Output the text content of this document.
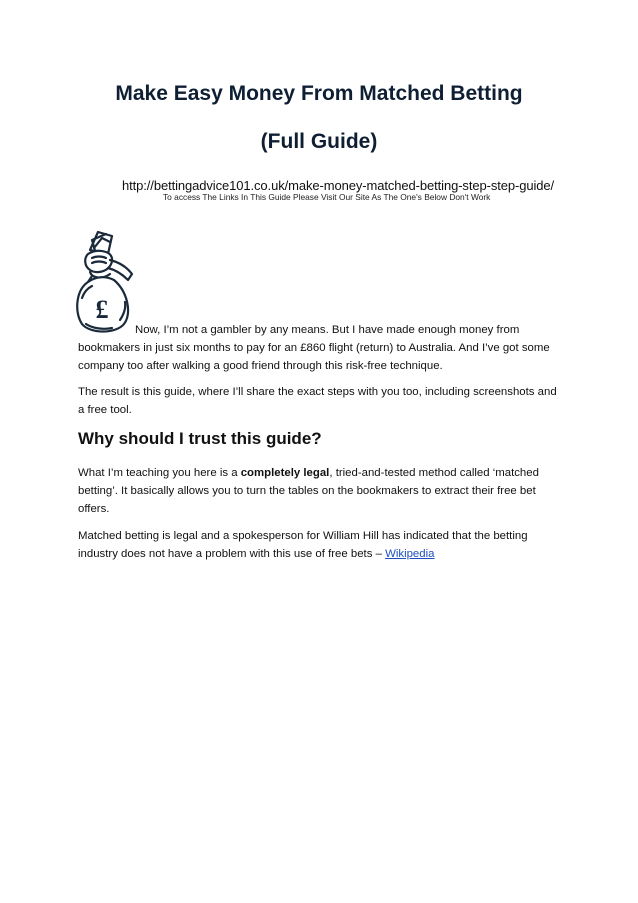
Make Easy Money From Matched Betting
(Full Guide)
http://bettingadvice101.co.uk/make-money-matched-betting-step-step-guide/
To access The Links In This Guide Please Visit Our Site As The One's Below Don't Work
£

Now, I’m not a gambler by any means. But I have made enough money from bookmakers in just six months to pay for an £860 flight (return) to Australia. And I’ve got some company too after walking a good friend through this risk-free technique.

The result is this guide, where I’ll share the exact steps with you too, including screenshots and a free tool.

Why should I trust this guide?

What I’m teaching you here is a completely legal, tried-and-tested method called ‘matched betting’. It basically allows you to turn the tables on the bookmakers to extract their free bet offers.

Matched betting is legal and a spokesperson for William Hill has indicated that the betting industry does not have a problem with this use of free bets – Wikipedia
